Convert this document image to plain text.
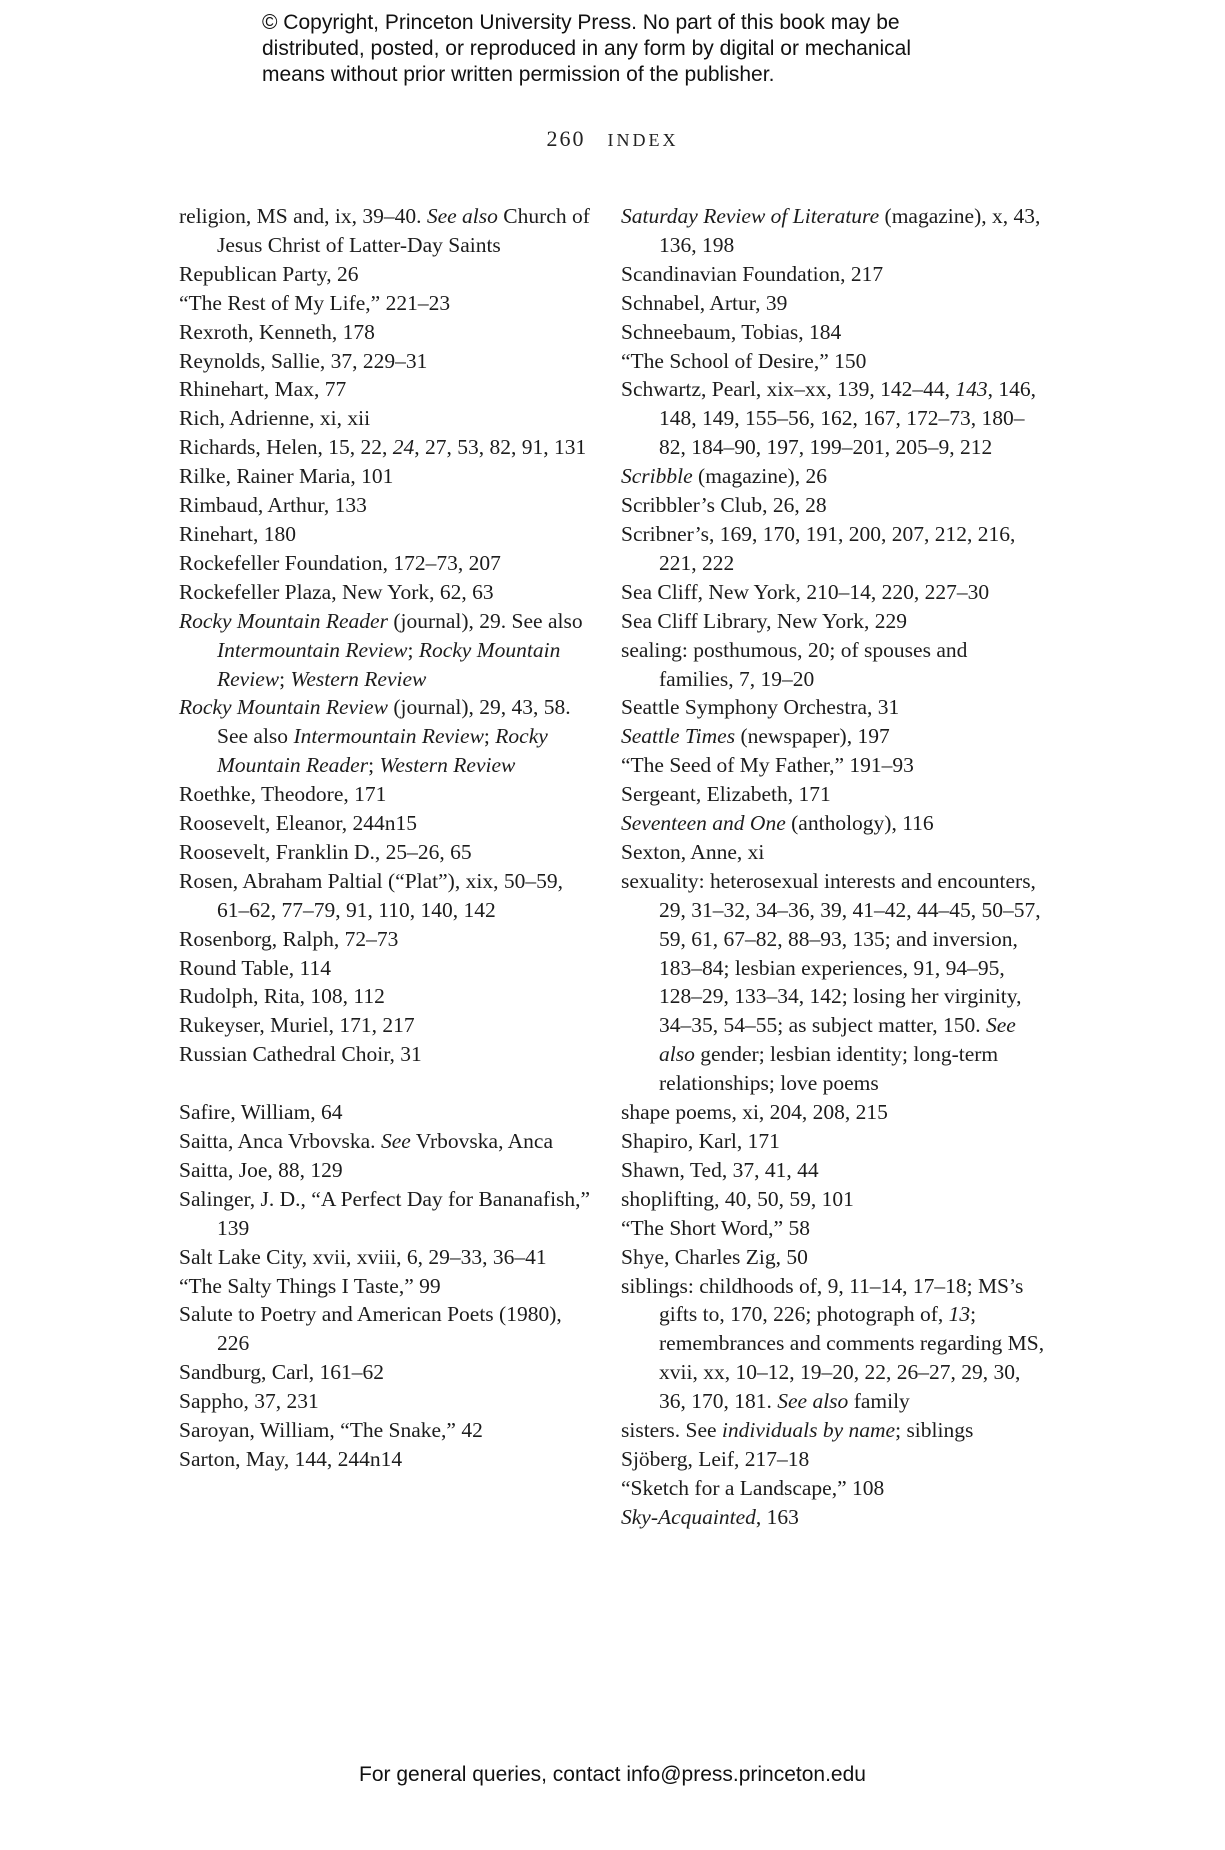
© Copyright, Princeton University Press. No part of this book may be
distributed, posted, or reproduced in any form by digital or mechanical
means without prior written permission of the publisher.
260 INDEX
religion, MS and, ix, 39–40. See also Church of Jesus Christ of Latter-Day Saints
Republican Party, 26
“The Rest of My Life,” 221–23
Rexroth, Kenneth, 178
Reynolds, Sallie, 37, 229–31
Rhinehart, Max, 77
Rich, Adrienne, xi, xii
Richards, Helen, 15, 22, 24, 27, 53, 82, 91, 131
Rilke, Rainer Maria, 101
Rimbaud, Arthur, 133
Rinehart, 180
Rockefeller Foundation, 172–73, 207
Rockefeller Plaza, New York, 62, 63
Rocky Mountain Reader (journal), 29. See also Intermountain Review; Rocky Mountain Review; Western Review
Rocky Mountain Review (journal), 29, 43, 58. See also Intermountain Review; Rocky Mountain Reader; Western Review
Roethke, Theodore, 171
Roosevelt, Eleanor, 244n15
Roosevelt, Franklin D., 25–26, 65
Rosen, Abraham Paltial (“Plat”), xix, 50–59, 61–62, 77–79, 91, 110, 140, 142
Rosenborg, Ralph, 72–73
Round Table, 114
Rudolph, Rita, 108, 112
Rukeyser, Muriel, 171, 217
Russian Cathedral Choir, 31
Safire, William, 64
Saitta, Anca Vrbovska. See Vrbovska, Anca
Saitta, Joe, 88, 129
Salinger, J. D., “A Perfect Day for Bananafish,” 139
Salt Lake City, xvii, xviii, 6, 29–33, 36–41
“The Salty Things I Taste,” 99
Salute to Poetry and American Poets (1980), 226
Sandburg, Carl, 161–62
Sappho, 37, 231
Saroyan, William, “The Snake,” 42
Sarton, May, 144, 244n14
Saturday Review of Literature (magazine), x, 43, 136, 198
Scandinavian Foundation, 217
Schnabel, Artur, 39
Schneebaum, Tobias, 184
“The School of Desire,” 150
Schwartz, Pearl, xix–xx, 139, 142–44, 143, 146, 148, 149, 155–56, 162, 167, 172–73, 180–82, 184–90, 197, 199–201, 205–9, 212
Scribble (magazine), 26
Scribbler’s Club, 26, 28
Scribner’s, 169, 170, 191, 200, 207, 212, 216, 221, 222
Sea Cliff, New York, 210–14, 220, 227–30
Sea Cliff Library, New York, 229
sealing: posthumous, 20; of spouses and families, 7, 19–20
Seattle Symphony Orchestra, 31
Seattle Times (newspaper), 197
“The Seed of My Father,” 191–93
Sergeant, Elizabeth, 171
Seventeen and One (anthology), 116
Sexton, Anne, xi
sexuality: heterosexual interests and encounters, 29, 31–32, 34–36, 39, 41–42, 44–45, 50–57, 59, 61, 67–82, 88–93, 135; and inversion, 183–84; lesbian experiences, 91, 94–95, 128–29, 133–34, 142; losing her virginity, 34–35, 54–55; as subject matter, 150. See also gender; lesbian identity; long-term relationships; love poems
shape poems, xi, 204, 208, 215
Shapiro, Karl, 171
Shawn, Ted, 37, 41, 44
shoplifting, 40, 50, 59, 101
“The Short Word,” 58
Shye, Charles Zig, 50
siblings: childhoods of, 9, 11–14, 17–18; MS’s gifts to, 170, 226; photograph of, 13; remembrances and comments regarding MS, xvii, xx, 10–12, 19–20, 22, 26–27, 29, 30, 36, 170, 181. See also family
sisters. See individuals by name; siblings
Sjöberg, Leif, 217–18
“Sketch for a Landscape,” 108
Sky-Acquainted, 163
For general queries, contact info@press.princeton.edu
